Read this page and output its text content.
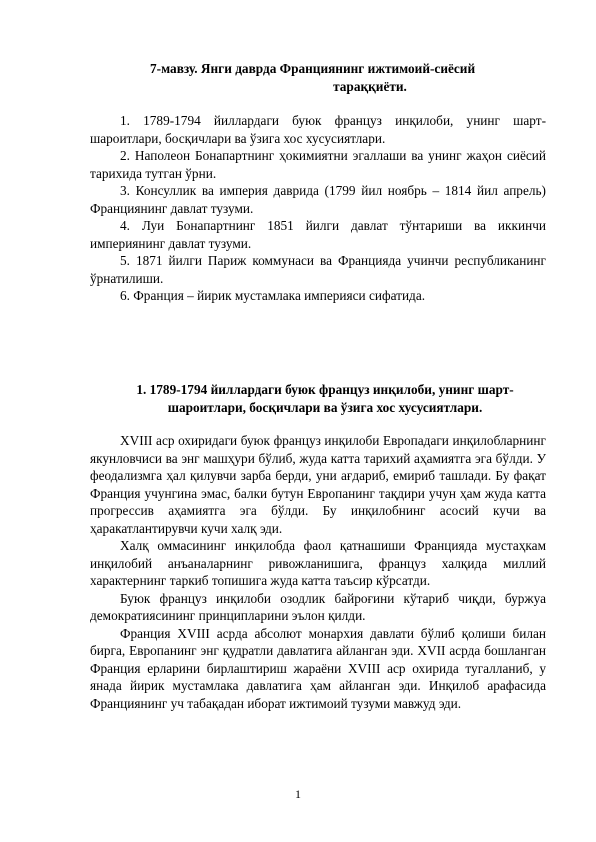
7-мавзу. Янги даврда Франциянинг ижтимоий-сиёсий
тараққиёти.

1. 1789-1794 йиллардаги буюк француз инқилоби, унинг шарт-шароитлари, босқичлари ва ўзига хос хусусиятлари.

2. Наполеон Бонапартнинг ҳокимиятни эгаллаши ва унинг жаҳон сиёсий тарихида тутган ўрни.

3. Консуллик ва империя даврида (1799 йил ноябрь – 1814 йил апрель) Франциянинг давлат тузуми.

4. Луи Бонапартнинг 1851 йилги давлат тўнтариши ва иккинчи империянинг давлат тузуми.

5. 1871 йилги Париж коммунаси ва Францияда учинчи республиканинг ўрнатилиши.

6. Франция – йирик мустамлака империяси сифатида.

1. 1789-1794 йиллардаги буюк француз инқилоби, унинг шарт-шароитлари, босқичлари ва ўзига хос хусусиятлари.

XVIII аср охиридаги буюк француз инқилоби Европадаги инқилобларнинг якунловчиси ва энг машҳури бўлиб, жуда катта тарихий аҳамиятга эга бўлди. У феодализмга ҳал қилувчи зарба берди, уни ағдариб, емириб ташлади. Бу фақат Франция учунгина эмас, балки бутун Европанинг тақдири учун ҳам жуда катта прогрессив аҳамиятга эга бўлди. Бу инқилобнинг асосий кучи ва ҳаракатлантирувчи кучи халқ эди.

Халқ оммасининг инқилобда фаол қатнашиши Францияда мустаҳкам инқилобий анъаналарнинг ривожланишига, француз халқида миллий характернинг таркиб топишига жуда катта таъсир кўрсатди.

Буюк француз инқилоби озодлик байроғини кўтариб чиқди, буржуа демократиясининг принципларини эълон қилди.

Франция XVIII асрда абсолют монархия давлати бўлиб қолиши билан бирга, Европанинг энг қудратли давлатига айланган эди. XVII асрда бошланган Франция ерларини бирлаштириш жараёни XVIII аср охирида тугалланиб, у янада йирик мустамлака давлатига ҳам айланган эди. Инқилоб арафасида Франциянинг уч табақадан иборат ижтимоий тузуми мавжуд эди.

1
